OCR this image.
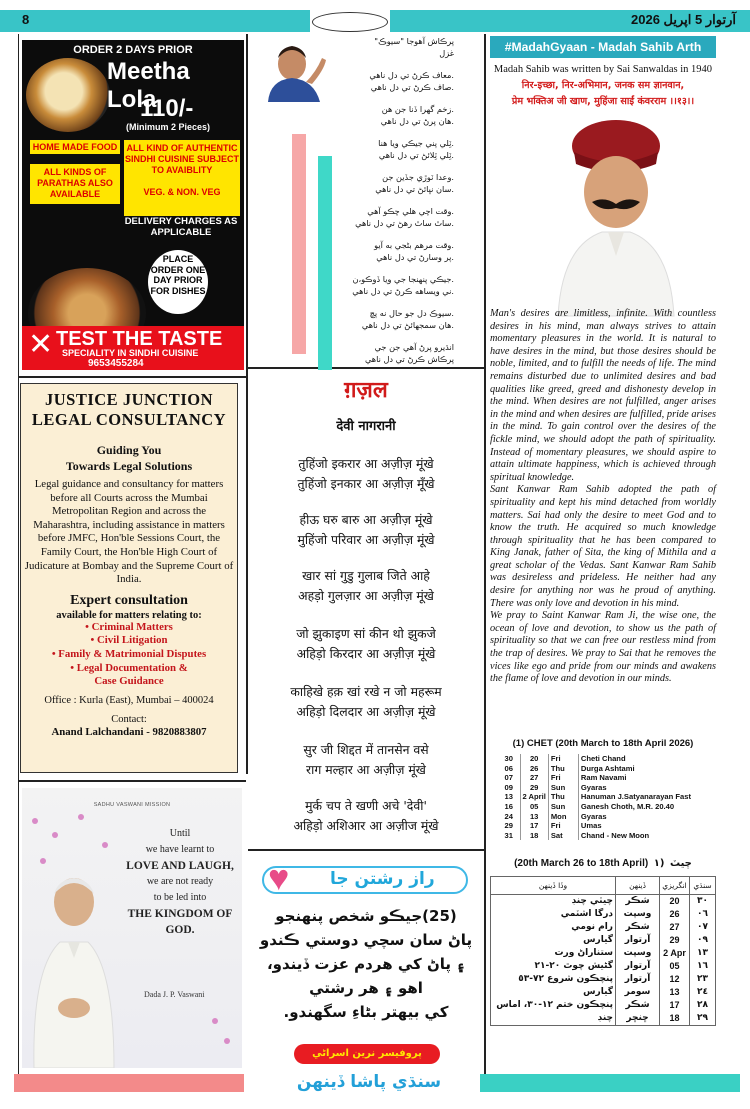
8	آرتوار 5 اپريل 2026
ORDER 2 DAYS PRIOR
Meetha Lola
110/-
(Minimum 2 Pieces)
HOME MADE FOOD
ALL KINDS OF PARATHAS ALSO AVAILABLE
ALL KIND OF AUTHENTIC SINDHI CUISINE SUBJECT TO AVAIBLITY

VEG. & NON. VEG
DELIVERY CHARGES AS APPLICABLE
PLACE ORDER ONE DAY PRIOR FOR DISHES
TEST THE TASTE
SPECIALITY IN SINDHI CUISINE
9653455284
✕
JUSTICE JUNCTION
LEGAL CONSULTANCY
Guiding You
Towards Legal Solutions
Legal guidance and consultancy for matters before all Courts across the Mumbai Metropolitan Region and across the Maharashtra, including assistance in matters before JMFC, Hon'ble Sessions Court, the Family Court, the Hon'ble High Court of Judicature at Bombay and the Supreme Court of India.
Expert consultation
available for matters relating to:
• Criminal Matters
• Civil Litigation
• Family & Matrimonial Disputes
• Legal Documentation &
Case Guidance
Office : Kurla (East), Mumbai – 400024
Contact:
Anand Lalchandani - 9820883807
SADHU VASWANI MISSION
Until
we have learnt to
LOVE AND LAUGH,
we are not ready
to be led into
THE KINGDOM OF GOD.
Dada J. P. Vaswani
پرڪاش آهوجا "سيوڪ"
غزل
.معاف ڪرڻ تي دل ناهي
.صاف ڪرڻ تي دل ناهي
.زخم گهرا ڏنا جن هن
.هان پرڻ تي دل ناهي
.ٽِلي پني جيڪي ويا هنا
.ٽِلي ٽِلائڻ تي دل ناهي
.وعدا ٽوڙي جڏين جن
.سان نڀائڻ تي دل ناهي
.وقت اچي هلي چڪو آهي
.ساٿ ساٿ رهڻ تي دل ناهي
.وقت مرهم بڻجي به آيو
.پر وسارڻ تي دل ناهي
.جيڪي پنهنجا جي ويا ڏوڪو،ن
.ني ويساهه ڪرڻ تي دل ناهي
.سيوڪ دل جو حال نه پڇ
.هان سمجهائڻ تي دل ناهي
انڌيرو پرڻ آهي جن جي
پرڪاش ڪرڻ تي دل ناهي
ग़ज़ल
देवी नागरानी
तुहिंजो इकरार आ अज़ीज़ मूंखे
तुहिंजो इनकार आ अज़ीज़ मूँखे
हीऊ घरु बारु आ अज़ीज़ मूंखे
मुहिंजो परिवार आ अज़ीज़ मूंखे
खार सां गुडु गुलाब जिते आहे
अहड़ो गुलज़ार आ अज़ीज़ मूंखे
जो झुकाइण सां कीन थो झुकजे
अहिड़ो किरदार आ अज़ीज़ मूंखे
काहिखे हक़ खां रखे न जो महरूम
अहिड़ो दिलदार आ अज़ीज़ मूंखे
सुर जी शिद्दत में तानसेन वसे
राग मल्हार आ अज़ीज़ मूंखे
मुर्क चप ते खणी अचे 'देवी'
अहिड़ो अशिआर आ अज़ीज मूंखे
راز رشتن جا
♥
(25)جيڪو شخص پنهنجو
پاڻ سان سچي دوستي ڪندو
۽ پاڻ کي هردم عزت ڏيندو،
اهو ۽ هر رشتي
کي بيهتر بڻاءِ سگهندو.
پروفيسر نرين اسراڻي
#MadahGyaan - Madah Sahib Arth
Madah Sahib was written by Sai Sanwaldas in 1940
निर-इच्छा, निर-अभिमान, जनक सम ज्ञानवान,
प्रेम भक्तिअ जी खाण, मुहिंजा साईं कंवरराम ।।१३।।

Man's desires are limitless, infinite. With countless desires in his mind, man always strives to attain momentary pleasures in the world. It is natural to have desires in the mind, but those desires should be noble, limited, and to fulfill the needs of life. The mind remains disturbed due to unlimited desires and bad qualities like greed, greed and dishonesty develop in the mind. When desires are not fulfilled, anger arises in the mind and when desires are fulfilled, pride arises in the mind. To gain control over the desires of the fickle mind, we should adopt the path of spirituality. Instead of momentary pleasures, we should aspire to attain ultimate happiness, which is achieved through spiritual knowledge.

Sant Kanwar Ram Sahib adopted the path of spirituality and kept his mind detached from worldly matters. Sai had only the desire to meet God and to know the truth. He acquired so much knowledge through spirituality that he has been compared to King Janak, father of Sita, the king of Mithila and a great scholar of the Vedas. Sant Kanwar Ram Sahib was desireless and prideless. He neither had any desire for anything nor was he proud of anything. There was only love and devotion in his mind.

We pray to Saint Kanwar Ram Ji, the wise one, the ocean of love and devotion, to show us the path of spirituality so that we can free our restless mind from the trap of desires. We pray to Sai that he removes the vices like ego and pride from our minds and awakens the flame of love and devotion in our minds.

(1) CHET (20th March to 18th April 2026)
30	20	Fri	Cheti Chand
06	26	Thu	Durga Ashtami
07	27	Fri	Ram Navami
09	29	Sun	Gyaras
13	2 April	Thu	Hanuman J.Satyanarayan Fast
16	05	Sun	Ganesh Choth, M.R. 20.40
24	13	Mon	Gyaras
29	17	Fri	Umas
31	18	Sat	Chand - New Moon
(20th March 26 to 18th April) چيٽ  (١
سنڌي	انگريزي	ڏينهن	وڏا ڏينهن
٣٠	20	شڪر	چيٽي چنڊ
٠٦	26	وسپت	درگا اشٽمي
٠٧	27	شڪر	رام نومي
٠٩	29	آرتوار	گيارس
١٣	2 Apr	وسپت	ستناراڻ ورت
١٦	05	آرتوار	گڻيش چوٿ ٢٠-٢١
٢٣	12	آرتوار	پنچڪون شروع ٧٢-٥٣
٢٤	13	سومر	گيارس
٢٨	17	شڪر	پنچڪون ختم ١٢-٣٠، اماس
٢٩	18	ڇنڇر	چنڊ
سنڌي پاشا ڏينهن
